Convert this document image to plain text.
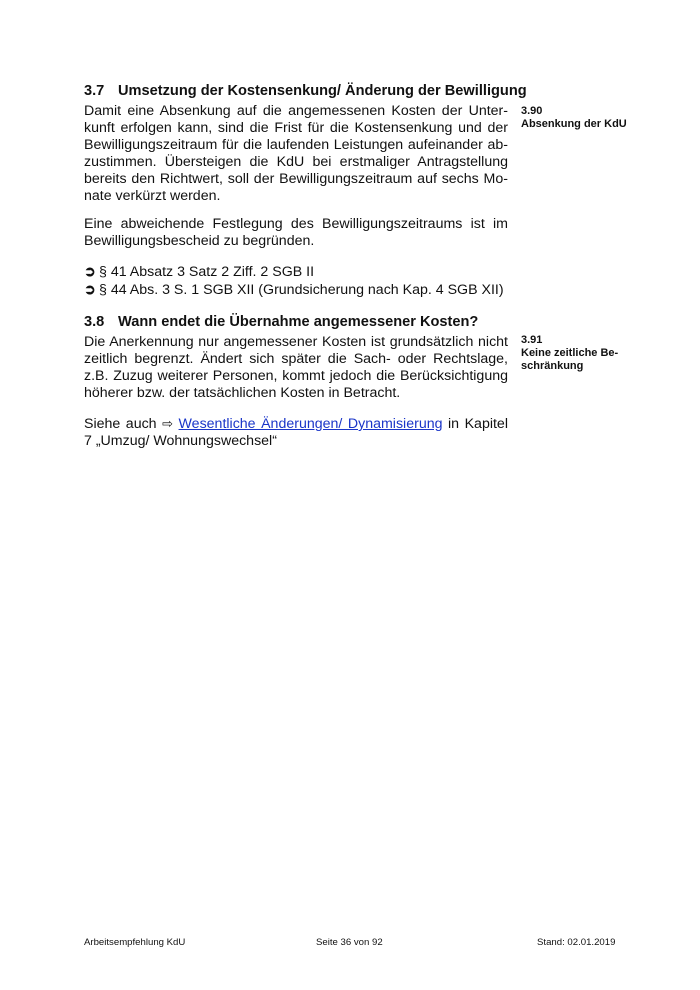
3.7 Umsetzung der Kostensenkung/ Änderung der Bewilligung

Damit eine Absenkung auf die angemessenen Kosten der Unter-kunft erfolgen kann, sind die Frist für die Kostensenkung und der Bewilligungszeitraum für die laufenden Leistungen aufeinander ab-zustimmen. Übersteigen die KdU bei erstmaliger Antragstellung bereits den Richtwert, soll der Bewilligungszeitraum auf sechs Mo-nate verkürzt werden.

Eine abweichende Festlegung des Bewilligungszeitraums ist im Bewilligungsbescheid zu begründen.

➲ § 41 Absatz 3 Satz 2 Ziff. 2 SGB II
➲ § 44 Abs. 3 S. 1 SGB XII (Grundsicherung nach Kap. 4 SGB XII)
3.90
Absenkung der KdU
3.8 Wann endet die Übernahme angemessener Kosten?

Die Anerkennung nur angemessener Kosten ist grundsätzlich nicht zeitlich begrenzt. Ändert sich später die Sach- oder Rechtslage, z.B. Zuzug weiterer Personen, kommt jedoch die Berücksichtigung höherer bzw. der tatsächlichen Kosten in Betracht.

Siehe auch ⇨ Wesentliche Änderungen/ Dynamisierung in Kapitel 7 „Umzug/ Wohnungswechsel“

3.91
Keine zeitliche Be-schränkung
Arbeitsempfehlung KdU	Seite 36 von 92	Stand: 02.01.2019
